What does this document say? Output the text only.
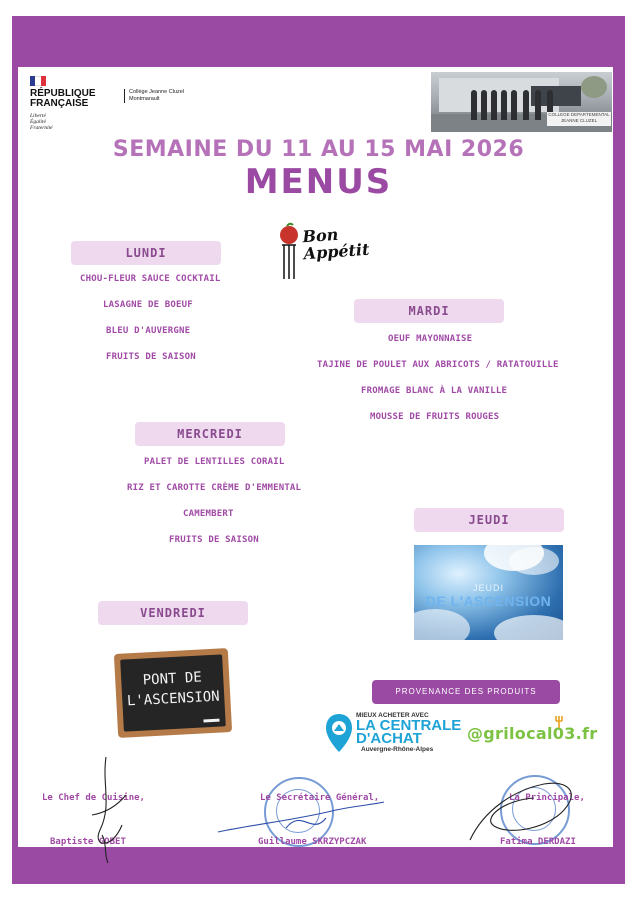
RÉPUBLIQUE
FRANÇAISE
Liberté
Égalité
Fraternité
Collège Jeanne Cluzel
Montmarault
COLLEGE DEPARTEMENTAL
JEANNE CLUZEL
SEMAINE DU 11 AU 15 MAI 2026
MENUS
Bon
Appétit
LUNDI
CHOU-FLEUR SAUCE COCKTAIL
LASAGNE DE BOEUF
BLEU D'AUVERGNE
FRUITS DE SAISON
MARDI
OEUF MAYONNAISE
TAJINE DE POULET AUX ABRICOTS / RATATOUILLE
FROMAGE BLANC À LA VANILLE
MOUSSE DE FRUITS ROUGES
MERCREDI
PALET DE LENTILLES CORAIL
RIZ ET CAROTTE CRÈME D'EMMENTAL
CAMEMBERT
FRUITS DE SAISON
JEUDI
JEUDI
DE L'ASCENSION
VENDREDI
PONT DE
L'ASCENSION	PROVENANCE DES PRODUITS
MIEUX ACHETER AVEC
LA CENTRALE
D'ACHAT
Auvergne-Rhône-Alpes
@grilocal03.fr
Le Chef de Cuisine,
Baptiste GOBET
Le Secrétaire Général,
Guillaume SKRZYPCZAK
La Principale,
Fatima DERDAZI
